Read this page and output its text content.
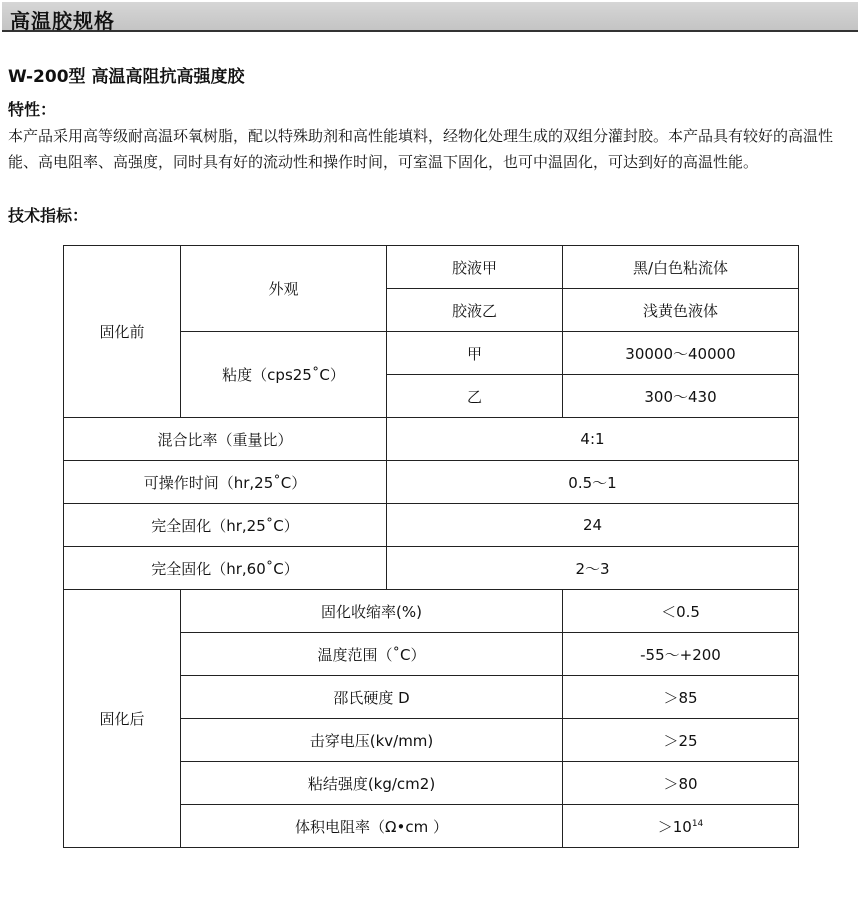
高温胶规格
W-200型 高温高阻抗高强度胶
特性：
本产品采用高等级耐高温环氧树脂，配以特殊助剂和高性能填料，经物化处理生成的双组分灌封胶。本产品具有较好的高温性能、高电阻率、高强度，同时具有好的流动性和操作时间，可室温下固化，也可中温固化，可达到好的高温性能。
技术指标：
固化前	外观	胶液甲	黑/白色粘流体
		胶液乙	浅黄色液体
	粘度（cps25˚C）	甲	30000～40000
		乙	300～430
混合比率（重量比）		4:1	
可操作时间（hr,25˚C）		0.5～1	
完全固化（hr,25˚C）		24	
完全固化（hr,60˚C）		2～3	
固化后	固化收缩率(%)		＜0.5
	温度范围（˚C）		-55～+200
	邵氏硬度 D		＞85
	击穿电压(kv/mm)		＞25
	粘结强度(kg/cm2)		＞80
	体积电阻率（Ω•cm ）		$>10^{14}$
